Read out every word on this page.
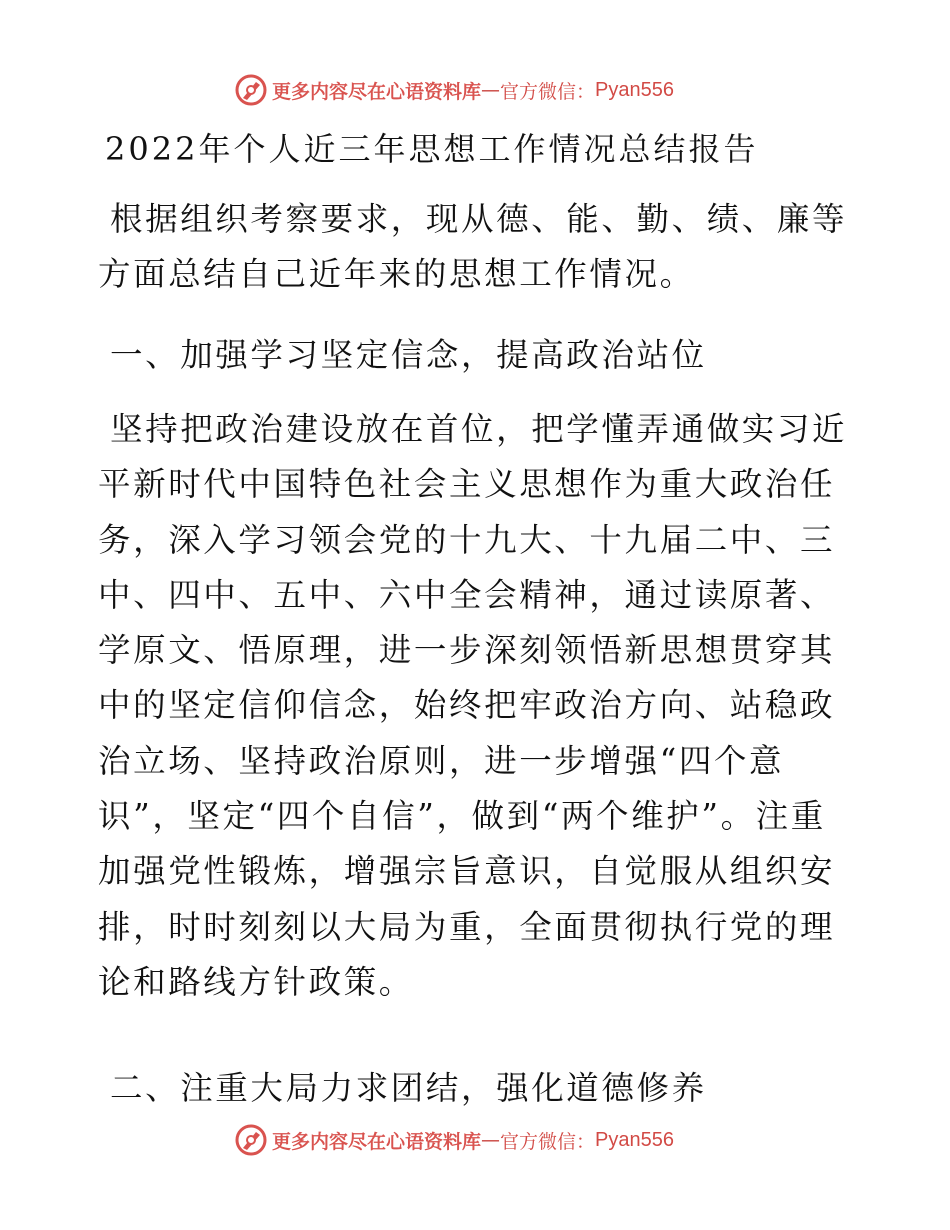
更多内容尽在心语资料库 — 官方微信： Pyan556
2022年个人近三年思想工作情况总结报告

根据组织考察要求，现从德、能、勤、绩、廉等方面总结自己近年来的思想工作情况。

一、加强学习坚定信念，提高政治站位

坚持把政治建设放在首位，把学懂弄通做实习近平新时代中国特色社会主义思想作为重大政治任务，深入学习领会党的十九大、十九届二中、三中、四中、五中、六中全会精神，通过读原著、学原文、悟原理，进一步深刻领悟新思想贯穿其中的坚定信仰信念，始终把牢政治方向、站稳政治立场、坚持政治原则，进一步增强“四个意识”，坚定“四个自信”，做到“两个维护”。注重加强党性锻炼，增强宗旨意识，自觉服从组织安排，时时刻刻以大局为重，全面贯彻执行党的理论和路线方针政策。

二、注重大局力求团结，强化道德修养
更多内容尽在心语资料库 — 官方微信： Pyan556
